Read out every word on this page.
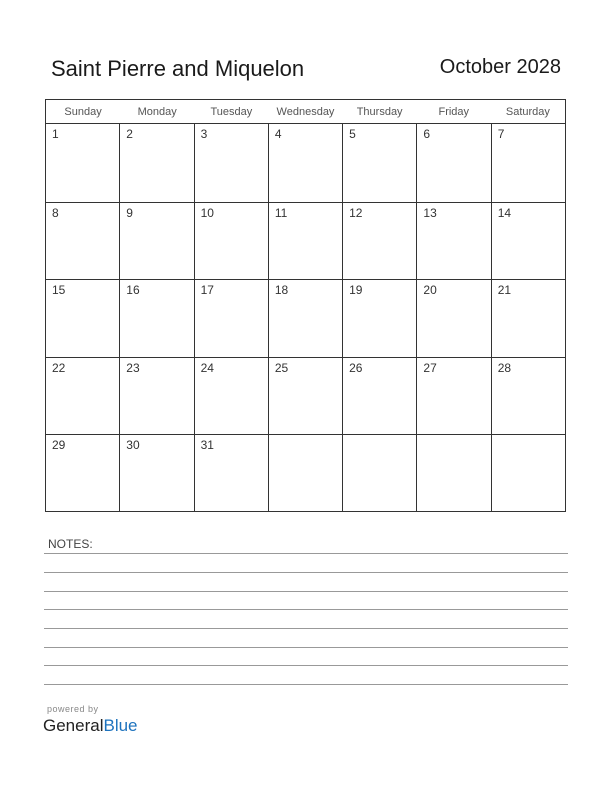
Saint Pierre and Miquelon	October 2028
Sunday	Monday	Tuesday	Wednesday	Thursday	Friday	Saturday
1	2	3	4	5	6	7
8	9	10	11	12	13	14
15	16	17	18	19	20	21
22	23	24	25	26	27	28
29	30	31
NOTES:
powered by
GeneralBlue
